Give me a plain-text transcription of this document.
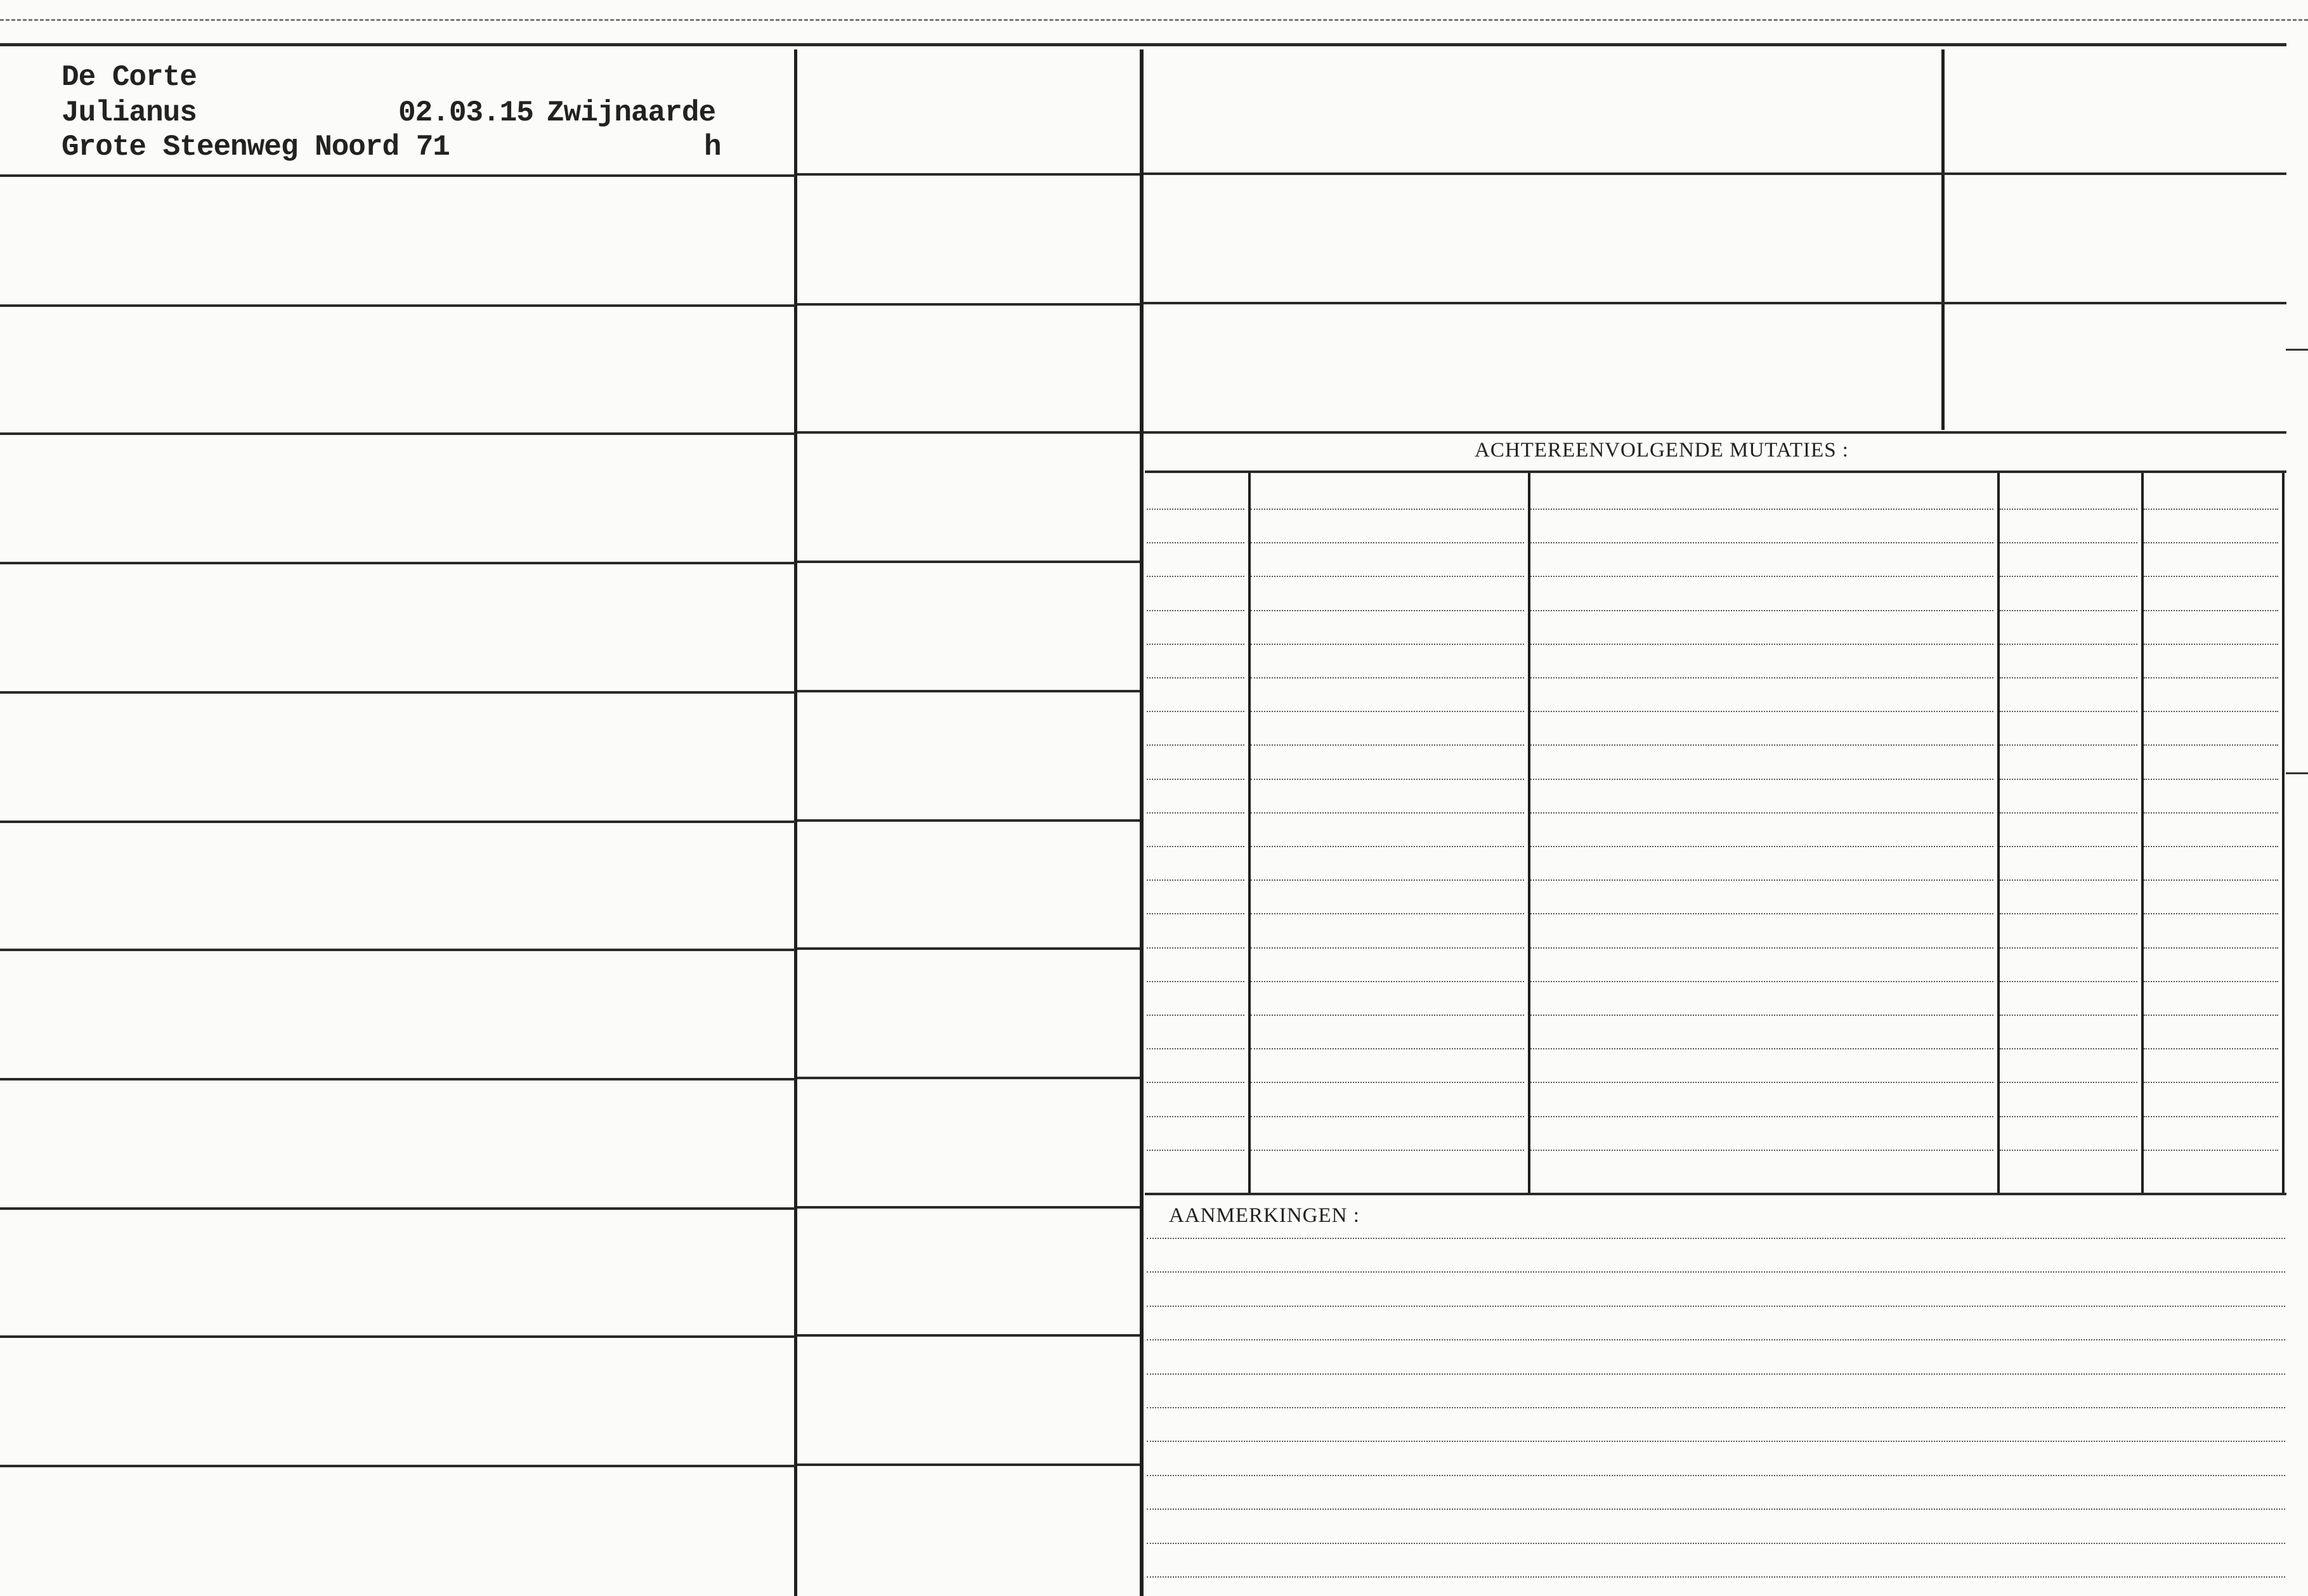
De Corte
Julianus	02.03.15 Zwijnaarde
Grote Steenweg Noord 71	h
ACHTEREENVOLGENDE MUTATIES :
AANMERKINGEN :
